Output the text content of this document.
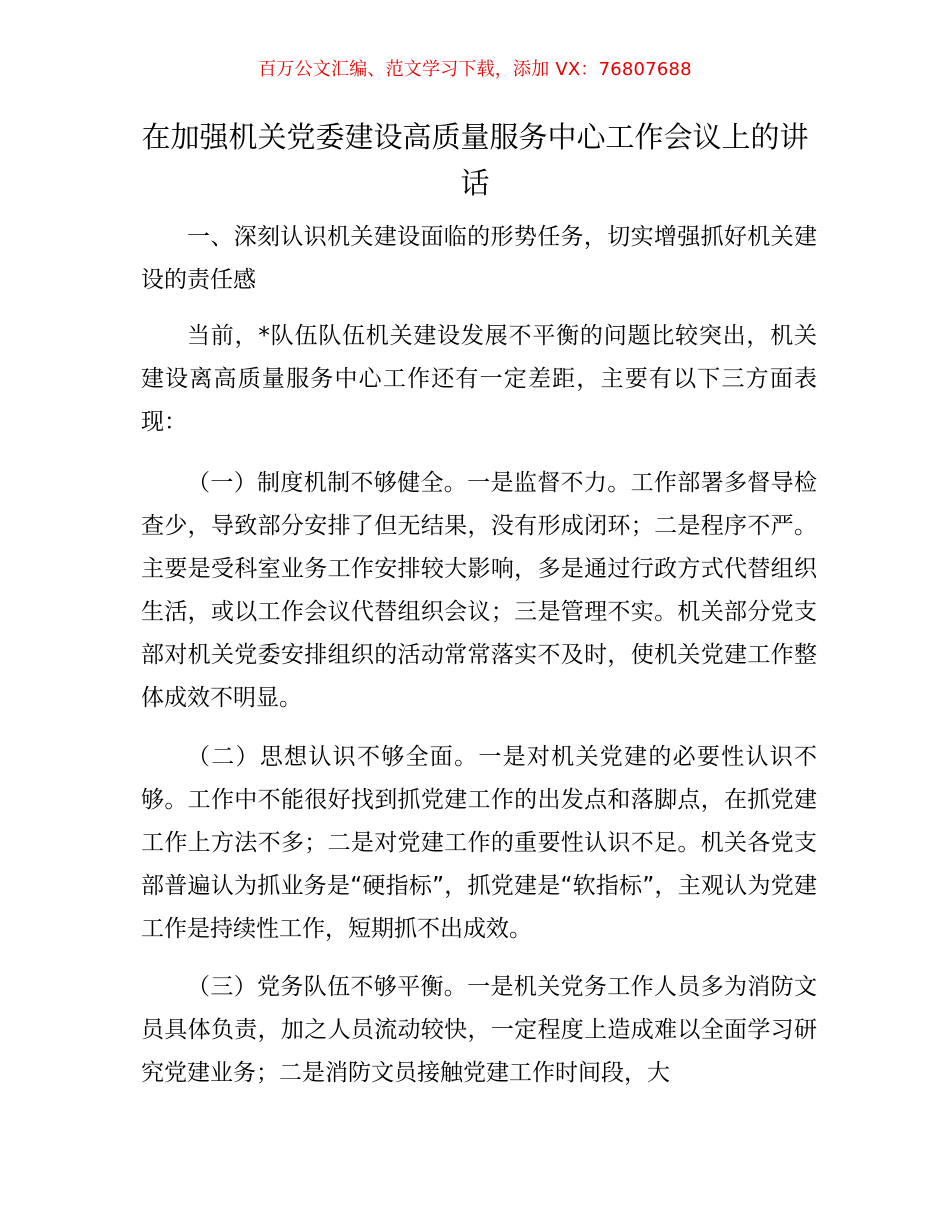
百万公文汇编、范文学习下载，添加 VX：76807688
在加强机关党委建设高质量服务中心工作会议上的讲话

一、深刻认识机关建设面临的形势任务，切实增强抓好机关建设的责任感

当前，*队伍队伍机关建设发展不平衡的问题比较突出，机关建设离高质量服务中心工作还有一定差距，主要有以下三方面表现：

（一）制度机制不够健全。一是监督不力。工作部署多督导检查少，导致部分安排了但无结果，没有形成闭环；二是程序不严。主要是受科室业务工作安排较大影响，多是通过行政方式代替组织生活，或以工作会议代替组织会议；三是管理不实。机关部分党支部对机关党委安排组织的活动常常落实不及时，使机关党建工作整体成效不明显。

（二）思想认识不够全面。一是对机关党建的必要性认识不够。工作中不能很好找到抓党建工作的出发点和落脚点，在抓党建工作上方法不多；二是对党建工作的重要性认识不足。机关各党支部普遍认为抓业务是“硬指标”，抓党建是“软指标”，主观认为党建工作是持续性工作，短期抓不出成效。

（三）党务队伍不够平衡。一是机关党务工作人员多为消防文员具体负责，加之人员流动较快，一定程度上造成难以全面学习研究党建业务；二是消防文员接触党建工作时间段，大
